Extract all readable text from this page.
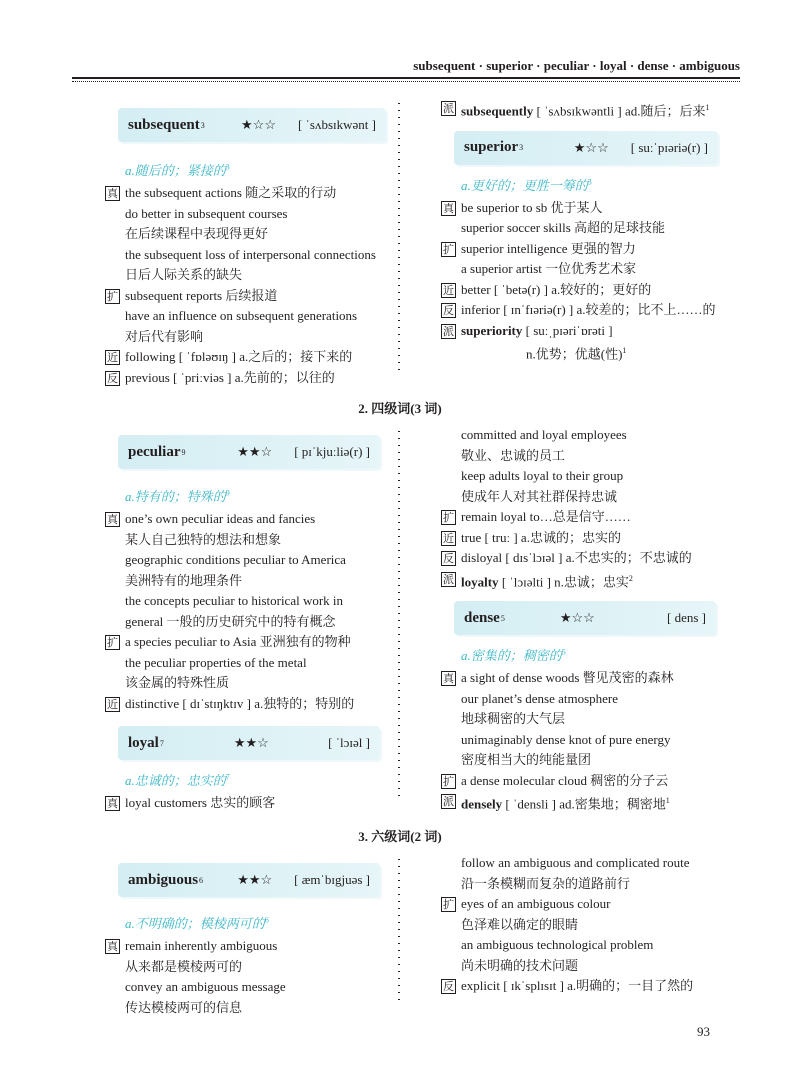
subsequent · superior · peculiar · loyal · dense · ambiguous
subsequent 3	★☆☆ [ ˈsʌbsɪkwənt ]
a.随后的；紧接的$^3$
真 the subsequent actions 随之采取的行动
do better in subsequent courses
在后续课程中表现得更好
the subsequent loss of interpersonal connections
日后人际关系的缺失
扩 subsequent reports 后续报道
have an influence on subsequent generations
对后代有影响
近 following [ ˈfɒləʊɪŋ ] a.之后的；接下来的
反 previous [ ˈpriːviəs ] a.先前的；以往的
派 subsequently [ ˈsʌbsɪkwəntli ] ad.随后；后来$^1$
superior 3	★☆☆ [ suːˈpɪəriə(r) ]
a.更好的；更胜一筹的$^3$
真 be superior to sb 优于某人
superior soccer skills 高超的足球技能
扩 superior intelligence 更强的智力
a superior artist 一位优秀艺术家
近 better [ ˈbetə(r) ] a.较好的；更好的
反 inferior [ ɪnˈfɪəriə(r) ] a.较差的；比不上……的
派 superiority [ suːˌpɪəriˈɒrəti ]
n.优势；优越(性)$^1$
2. 四级词(3 词)
peculiar 9	★★☆ [ pɪˈkjuːliə(r) ]
a.特有的；特殊的$^9$
真 one’s own peculiar ideas and fancies
某人自己独特的想法和想象
geographic conditions peculiar to America
美洲特有的地理条件
the concepts peculiar to historical work in
general 一般的历史研究中的特有概念
扩 a species peculiar to Asia 亚洲独有的物种
the peculiar properties of the metal
该金属的特殊性质
近 distinctive [ dɪˈstɪŋktɪv ] a.独特的；特别的
loyal 7	★★☆	[ ˈlɔɪəl ]
a.忠诚的；忠实的$^7$
真 loyal customers 忠实的顾客
committed and loyal employees
敬业、忠诚的员工
keep adults loyal to their group
使成年人对其社群保持忠诚
扩 remain loyal to…总是信守……
近 true [ truː ] a.忠诚的；忠实的
反 disloyal [ dɪsˈlɔɪəl ] a.不忠实的；不忠诚的
派 loyalty [ ˈlɔɪəlti ] n.忠诚；忠实$^2$
dense 5	★☆☆	[ dens ]
a.密集的；稠密的$^5$
真 a sight of dense woods 瞥见茂密的森林
our planet’s dense atmosphere
地球稠密的大气层
unimaginably dense knot of pure energy
密度相当大的纯能量团
扩 a dense molecular cloud 稠密的分子云
派 densely [ ˈdensli ] ad.密集地；稠密地$^1$
3. 六级词(2 词)
ambiguous 6	★★☆ [ æmˈbɪgjuəs ]
a.不明确的；模棱两可的$^6$
真 remain inherently ambiguous
从来都是模棱两可的
convey an ambiguous message
传达模棱两可的信息
follow an ambiguous and complicated route
沿一条模糊而复杂的道路前行
扩 eyes of an ambiguous colour
色泽难以确定的眼睛
an ambiguous technological problem
尚未明确的技术问题
反 explicit [ ɪkˈsplɪsɪt ] a.明确的；一目了然的
93
